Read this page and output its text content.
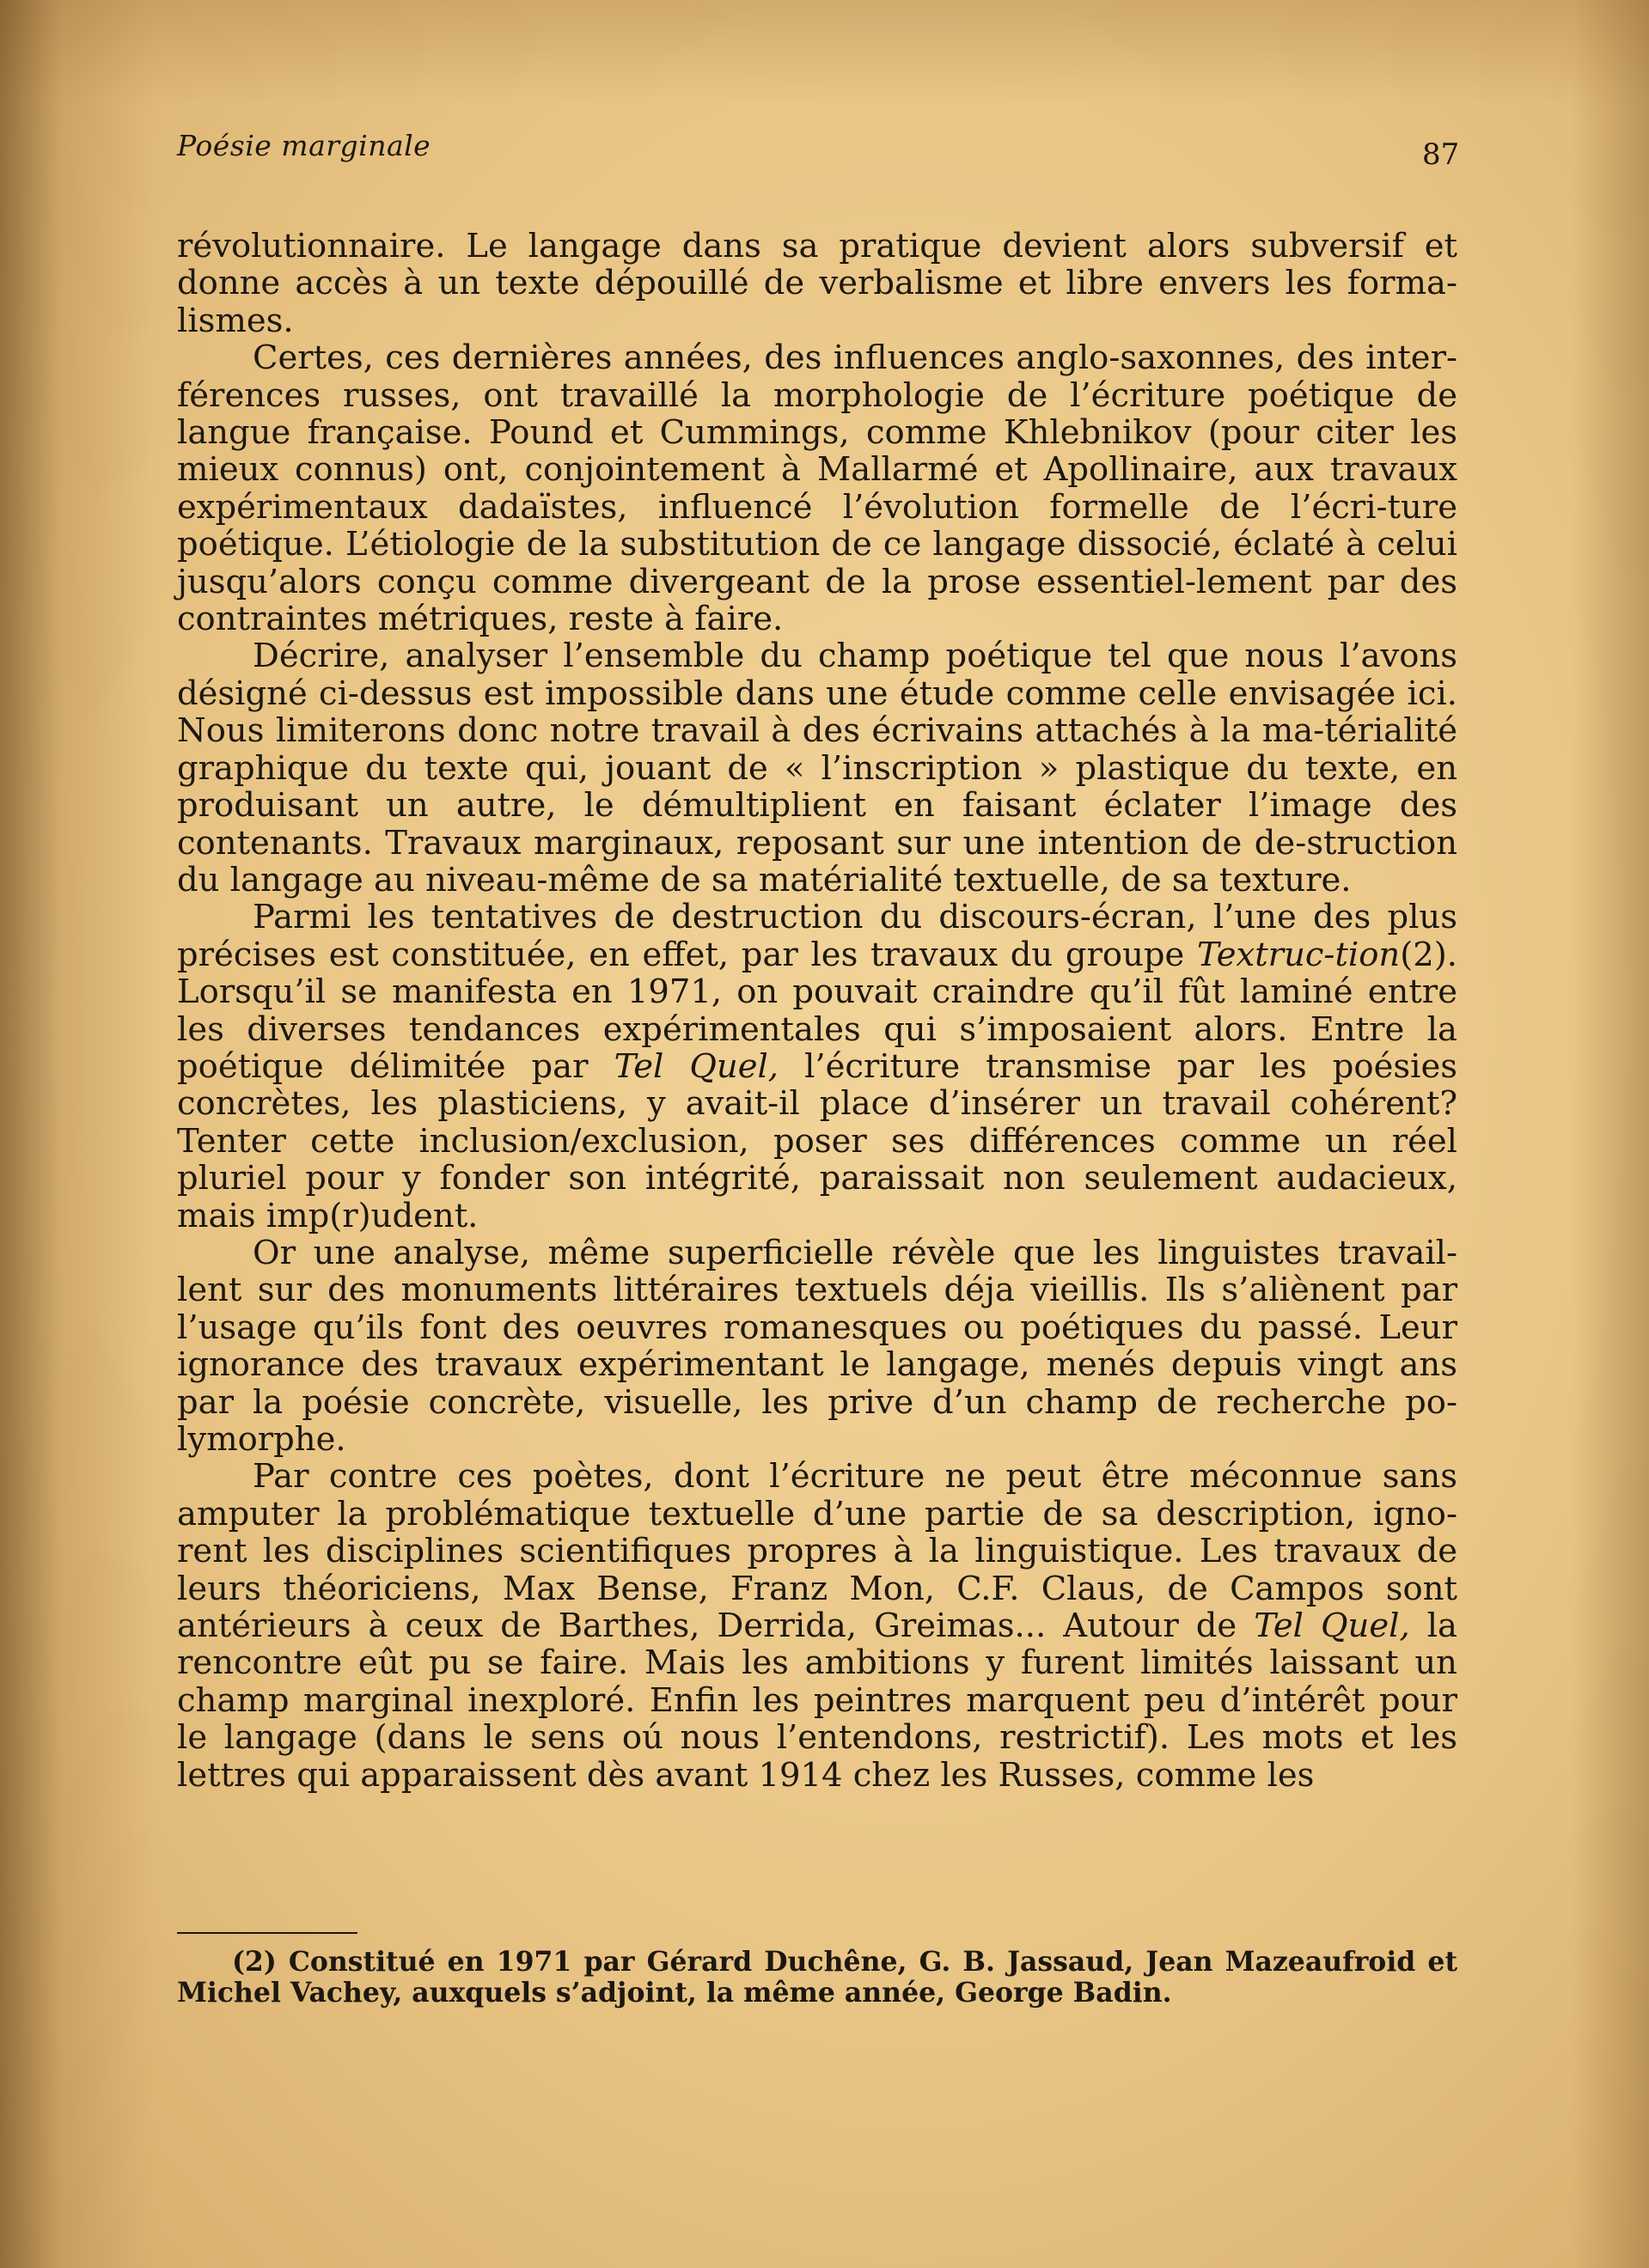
Poésie marginale	87

révolutionnaire. Le langage dans sa pratique devient alors subversif et donne accès à un texte dépouillé de verbalisme et libre envers les forma-lismes.

Certes, ces dernières années, des influences anglo-saxonnes, des inter-férences russes, ont travaillé la morphologie de l’écriture poétique de langue française. Pound et Cummings, comme Khlebnikov (pour citer les mieux connus) ont, conjointement à Mallarmé et Apollinaire, aux travaux expérimentaux dadaïstes, influencé l’évolution formelle de l’écri-ture poétique. L’étiologie de la substitution de ce langage dissocié, éclaté à celui jusqu’alors conçu comme divergeant de la prose essentiel-lement par des contraintes métriques, reste à faire.

Décrire, analyser l’ensemble du champ poétique tel que nous l’avons désigné ci-dessus est impossible dans une étude comme celle envisagée ici. Nous limiterons donc notre travail à des écrivains attachés à la ma-térialité graphique du texte qui, jouant de « l’inscription » plastique du texte, en produisant un autre, le démultiplient en faisant éclater l’image des contenants. Travaux marginaux, reposant sur une intention de de-struction du langage au niveau-même de sa matérialité textuelle, de sa texture.

Parmi les tentatives de destruction du discours-écran, l’une des plus précises est constituée, en effet, par les travaux du groupe Textruc-tion(2). Lorsqu’il se manifesta en 1971, on pouvait craindre qu’il fût laminé entre les diverses tendances expérimentales qui s’imposaient alors. Entre la poétique délimitée par Tel Quel, l’écriture transmise par les poésies concrètes, les plasticiens, y avait-il place d’insérer un travail cohérent? Tenter cette inclusion/exclusion, poser ses différences comme un réel pluriel pour y fonder son intégrité, paraissait non seulement audacieux, mais imp(r)udent.

Or une analyse, même superficielle révèle que les linguistes travail-lent sur des monuments littéraires textuels déja vieillis. Ils s’aliènent par l’usage qu’ils font des oeuvres romanesques ou poétiques du passé. Leur ignorance des travaux expérimentant le langage, menés depuis vingt ans par la poésie concrète, visuelle, les prive d’un champ de recherche po-lymorphe.

Par contre ces poètes, dont l’écriture ne peut être méconnue sans amputer la problématique textuelle d’une partie de sa description, igno-rent les disciplines scientifiques propres à la linguistique. Les travaux de leurs théoriciens, Max Bense, Franz Mon, C.F. Claus, de Campos sont antérieurs à ceux de Barthes, Derrida, Greimas... Autour de Tel Quel, la rencontre eût pu se faire. Mais les ambitions y furent limités laissant un champ marginal inexploré. Enfin les peintres marquent peu d’intérêt pour le langage (dans le sens oú nous l’entendons, restrictif). Les mots et les lettres qui apparaissent dès avant 1914 chez les Russes, comme les

(2) Constitué en 1971 par Gérard Duchêne, G. B. Jassaud, Jean Mazeaufroid et Michel Vachey, auxquels s’adjoint, la même année, George Badin.
